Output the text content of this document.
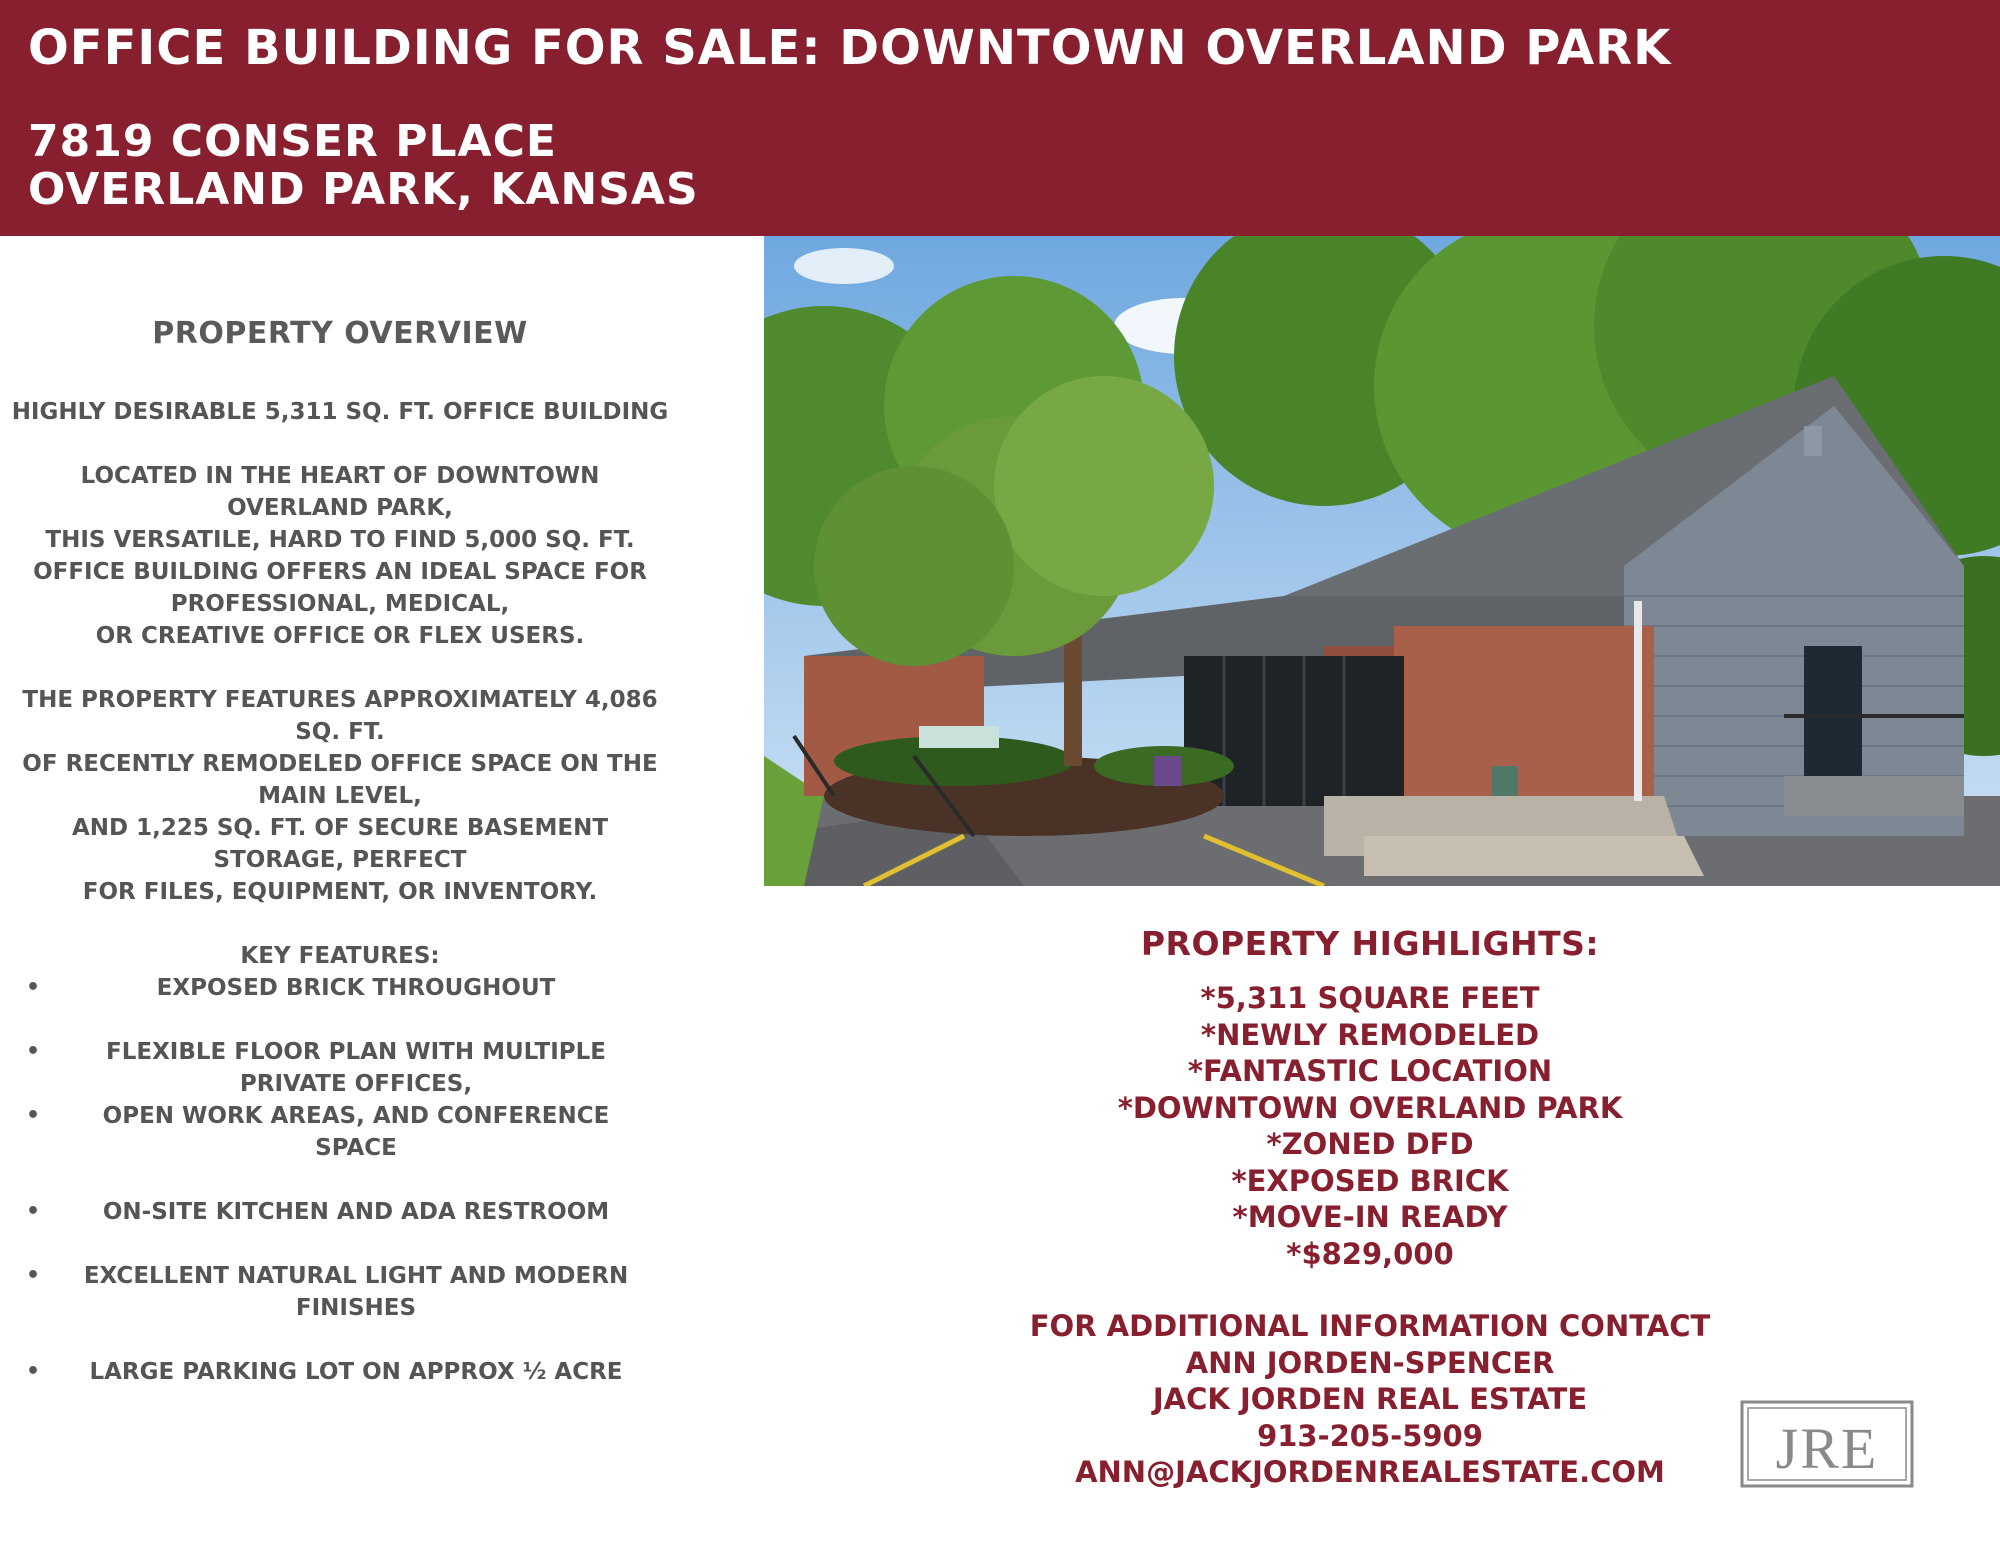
OFFICE BUILDING FOR SALE: DOWNTOWN OVERLAND PARK
7819 CONSER PLACE
OVERLAND PARK, KANSAS
PROPERTY OVERVIEW

HIGHLY DESIRABLE 5,311 SQ. FT. OFFICE BUILDING

LOCATED IN THE HEART OF DOWNTOWN OVERLAND PARK,
THIS VERSATILE, HARD TO FIND 5,000 SQ. FT. OFFICE BUILDING OFFERS AN IDEAL SPACE FOR PROFESSIONAL, MEDICAL,
OR CREATIVE OFFICE OR FLEX USERS.

THE PROPERTY FEATURES APPROXIMATELY 4,086 SQ. FT.
OF RECENTLY REMODELED OFFICE SPACE ON THE MAIN LEVEL,
AND 1,225 SQ. FT. OF SECURE BASEMENT STORAGE, PERFECT
FOR FILES, EQUIPMENT, OR INVENTORY.

KEY FEATURES:
•	EXPOSED BRICK THROUGHOUT
•	FLEXIBLE FLOOR PLAN WITH MULTIPLE PRIVATE OFFICES,
•	OPEN WORK AREAS, AND CONFERENCE SPACE
•	ON-SITE KITCHEN AND ADA RESTROOM
• EXCELLENT NATURAL LIGHT AND MODERN FINISHES
• LARGE PARKING LOT ON APPROX ½ ACRE
PROPERTY HIGHLIGHTS:
*5,311 SQUARE FEET
*NEWLY REMODELED
*FANTASTIC LOCATION
*DOWNTOWN OVERLAND PARK
*ZONED DFD
*EXPOSED BRICK
*MOVE-IN READY
*$829,000
FOR ADDITIONAL INFORMATION CONTACT
ANN JORDEN-SPENCER
JACK JORDEN REAL ESTATE
913-205-5909
ANN@JACKJORDENREALESTATE.COM	JRE
